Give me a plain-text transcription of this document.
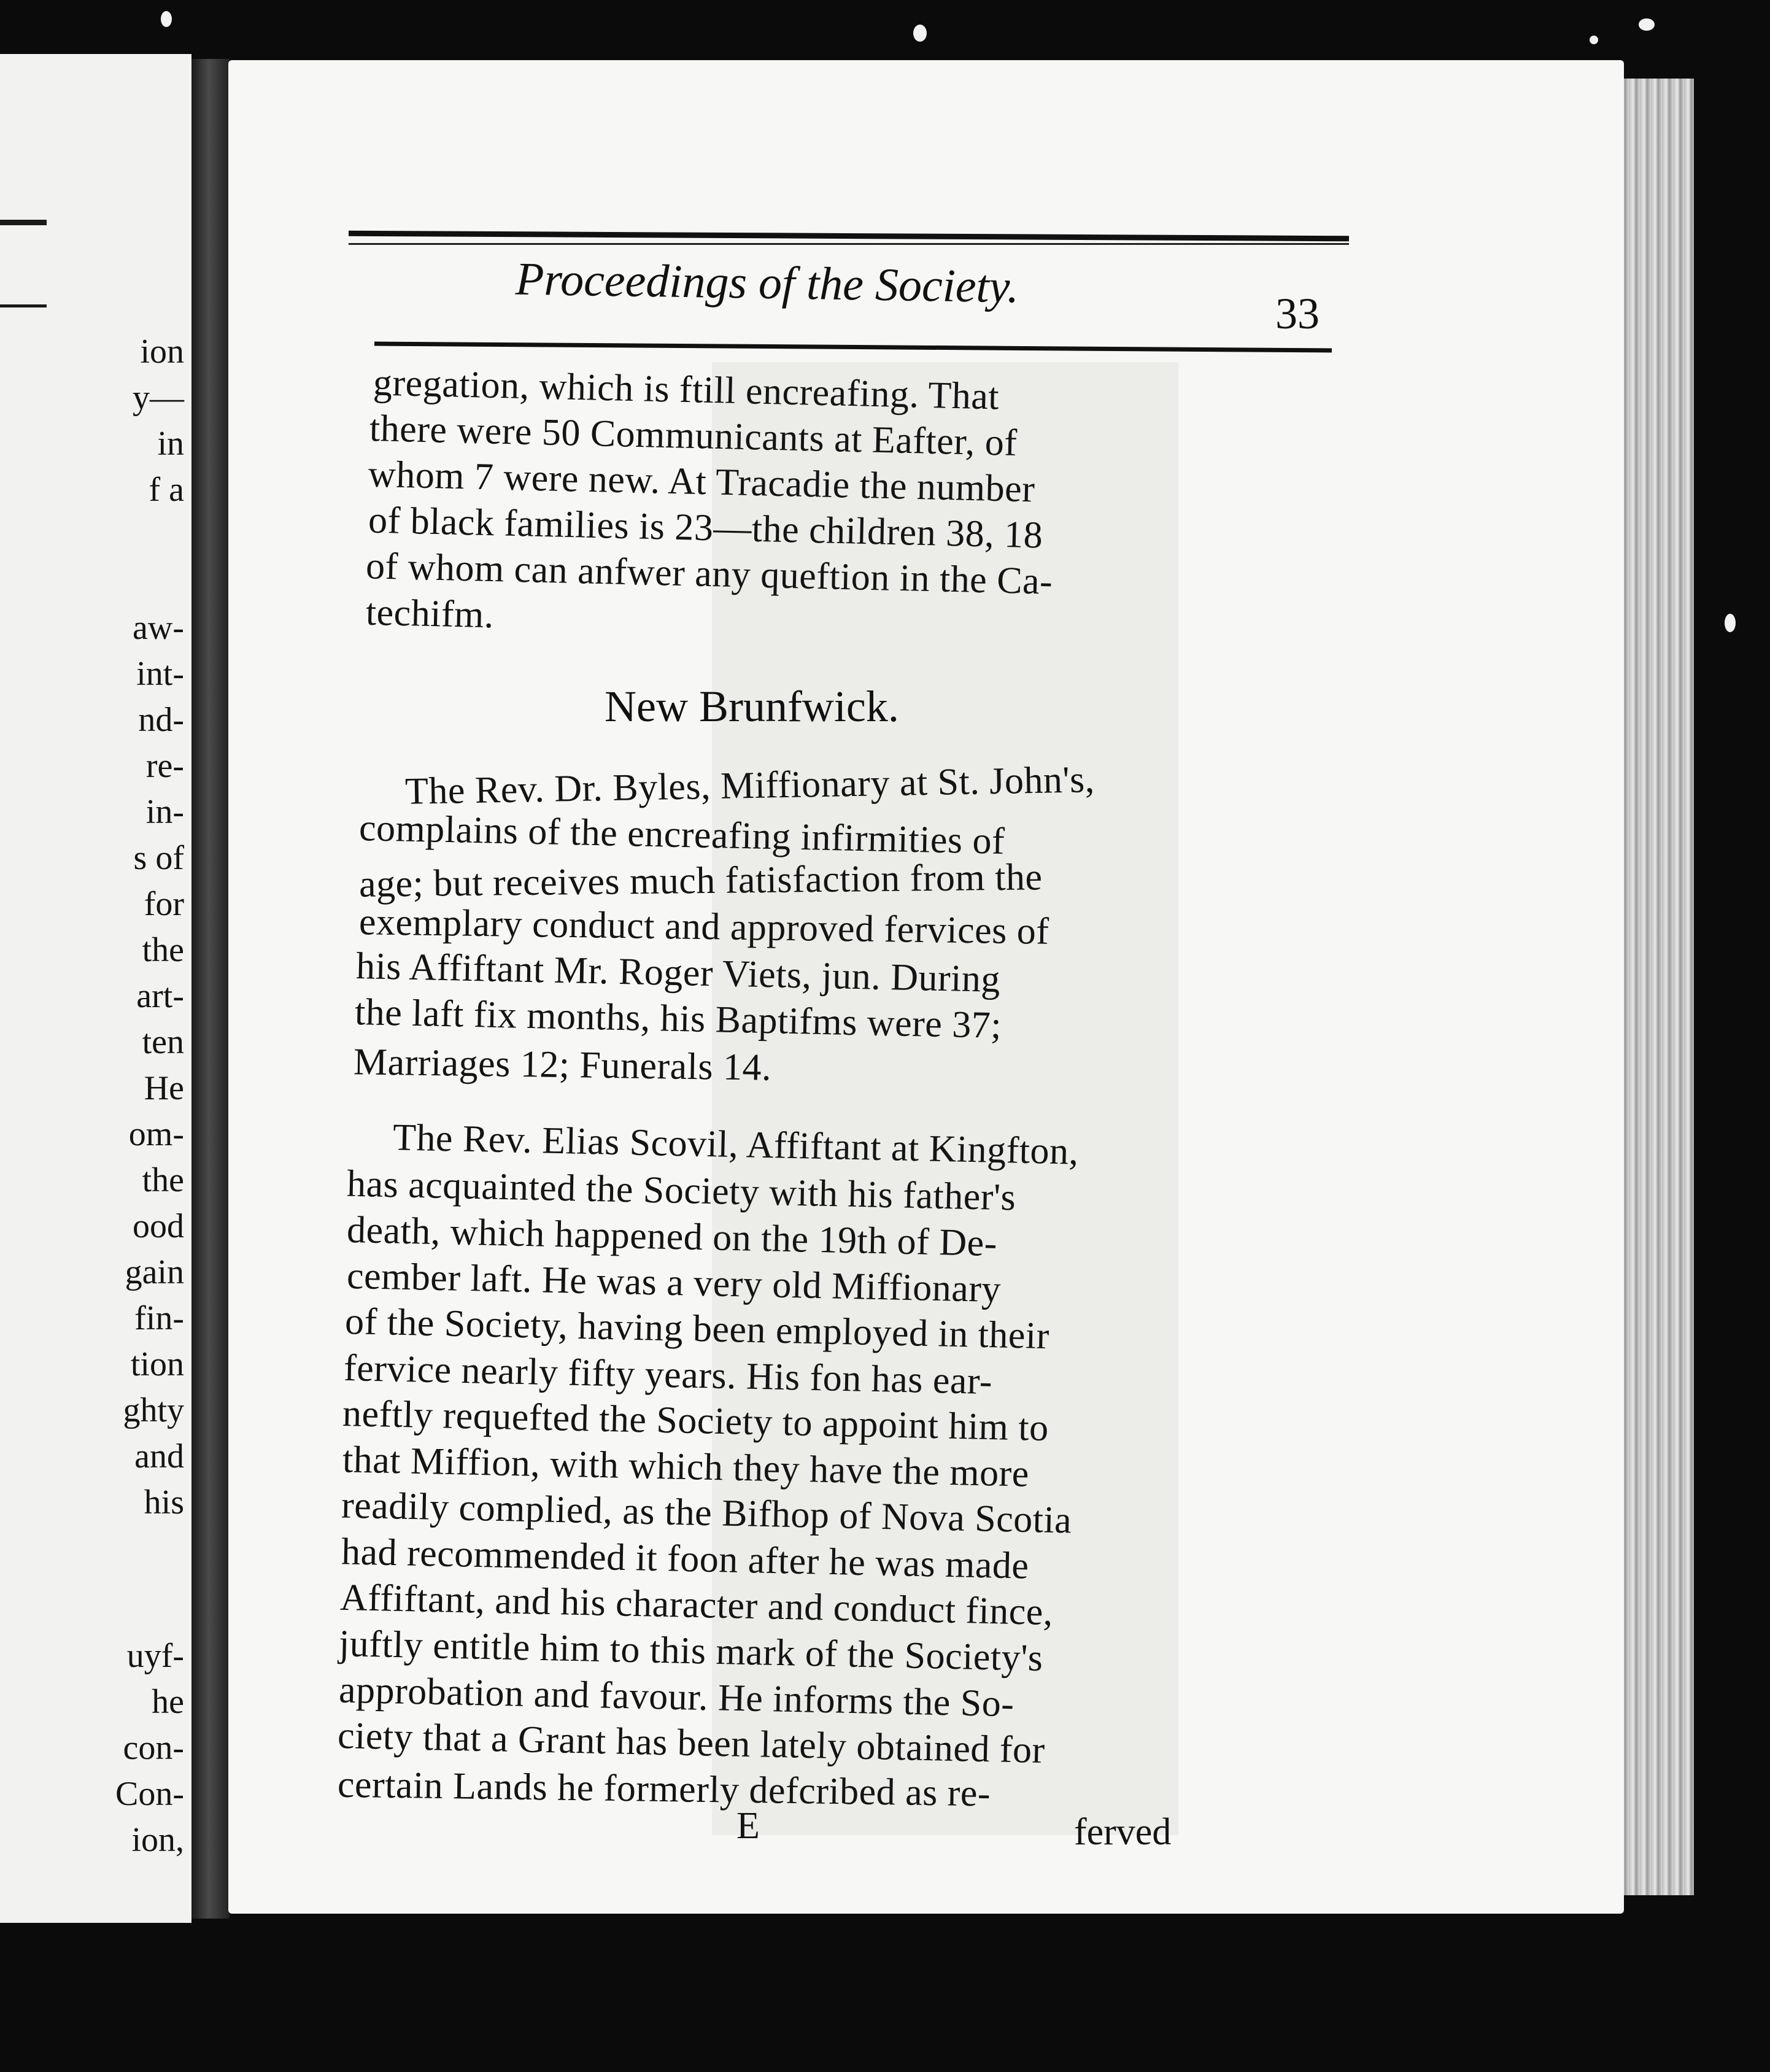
ion
y—
in
f a
aw-
int-
nd-
re-
in-
s of
for
the
art-
ten
He
om-
the
ood
gain
fin-
tion
ghty
and
his
uyf-
he
con-
Con-
ion,
Proceedings of the Society.
33
gregation, which is ftill encreafing. That
there were 50 Communicants at Eafter, of
whom 7 were new. At Tracadie the number
of black families is 23—the children 38, 18
of whom can anfwer any queftion in the Ca-
techifm.
New Brunfwick.
The Rev. Dr. Byles, Miffionary at St. John's,
complains of the encreafing infirmities of
age; but receives much fatisfaction from the
exemplary conduct and approved fervices of
his Affiftant Mr. Roger Viets, jun. During
the laft fix months, his Baptifms were 37;
Marriages 12; Funerals 14.
The Rev. Elias Scovil, Affiftant at Kingfton,
has acquainted the Society with his father's
death, which happened on the 19th of De-
cember laft. He was a very old Miffionary
of the Society, having been employed in their
fervice nearly fifty years. His fon has ear-
neftly requefted the Society to appoint him to
that Miffion, with which they have the more
readily complied, as the Bifhop of Nova Scotia
had recommended it foon after he was made
Affiftant, and his character and conduct fince,
juftly entitle him to this mark of the Society's
approbation and favour. He informs the So-
ciety that a Grant has been lately obtained for
certain Lands he formerly defcribed as re-
E	ferved
